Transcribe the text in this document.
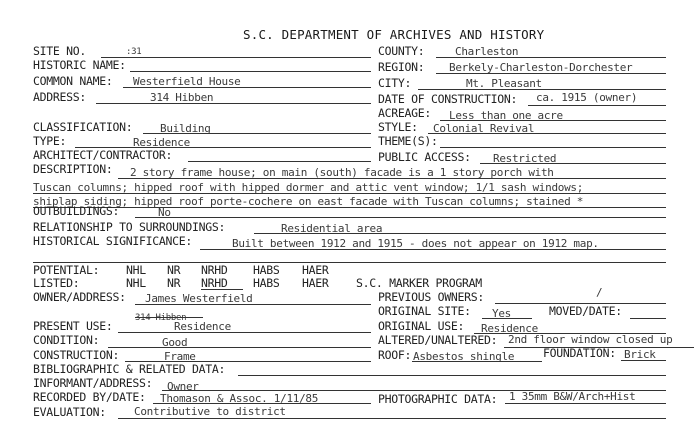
S.C. DEPARTMENT OF ARCHIVES AND HISTORY
SITE NO.	:31
HISTORIC NAME:
COMMON NAME: Westerfield House
ADDRESS:	314 Hibben
COUNTY:	Charleston
REGION: Berkely-Charleston-Dorchester
CITY:	Mt. Pleasant
DATE OF CONSTRUCTION: ca. 1915 (owner)
ACREAGE: Less than one acre
CLASSIFICATION:	Building	STYLE: Colonial Revival
TYPE:	Residence	THEME(S):
ARCHITECT/CONTRACTOR:	PUBLIC ACCESS: Restricted
DESCRIPTION: 2 story frame house; on main (south) facade is a 1 story porch with
Tuscan columns; hipped roof with hipped dormer and attic vent window; 1/1 sash windows;
shiplap siding; hipped roof porte-cochere on east facade with Tuscan columns; stained *
OUTBUILDINGS:	No
RELATIONSHIP TO SURROUNDINGS:	Residential area
HISTORICAL SIGNIFICANCE:	Built between 1912 and 1915 - does not appear on 1912 map.
POTENTIAL: NHL NR NRHD HABS HAER
LISTED:	NHL NR NRHD HABS HAER S.C. MARKER PROGRAM
OWNER/ADDRESS: James Westerfield	PREVIOUS OWNERS:	/
ORIGINAL SITE: Yes	MOVED/DATE:
314 Hibben
PRESENT USE:	Residence	ORIGINAL USE: Residence
CONDITION:	Good	ALTERED/UNALTERED: 2nd floor window closed up
CONSTRUCTION:	Frame	ROOF: Asbestos shingle	FOUNDATION: Brick
BIBLIOGRAPHIC & RELATED DATA:
INFORMANT/ADDRESS: Owner
RECORDED BY/DATE: Thomason & Assoc. 1/11/85	PHOTOGRAPHIC DATA: 1 35mm B&W/Arch+Hist
EVALUATION:	Contributive to district
